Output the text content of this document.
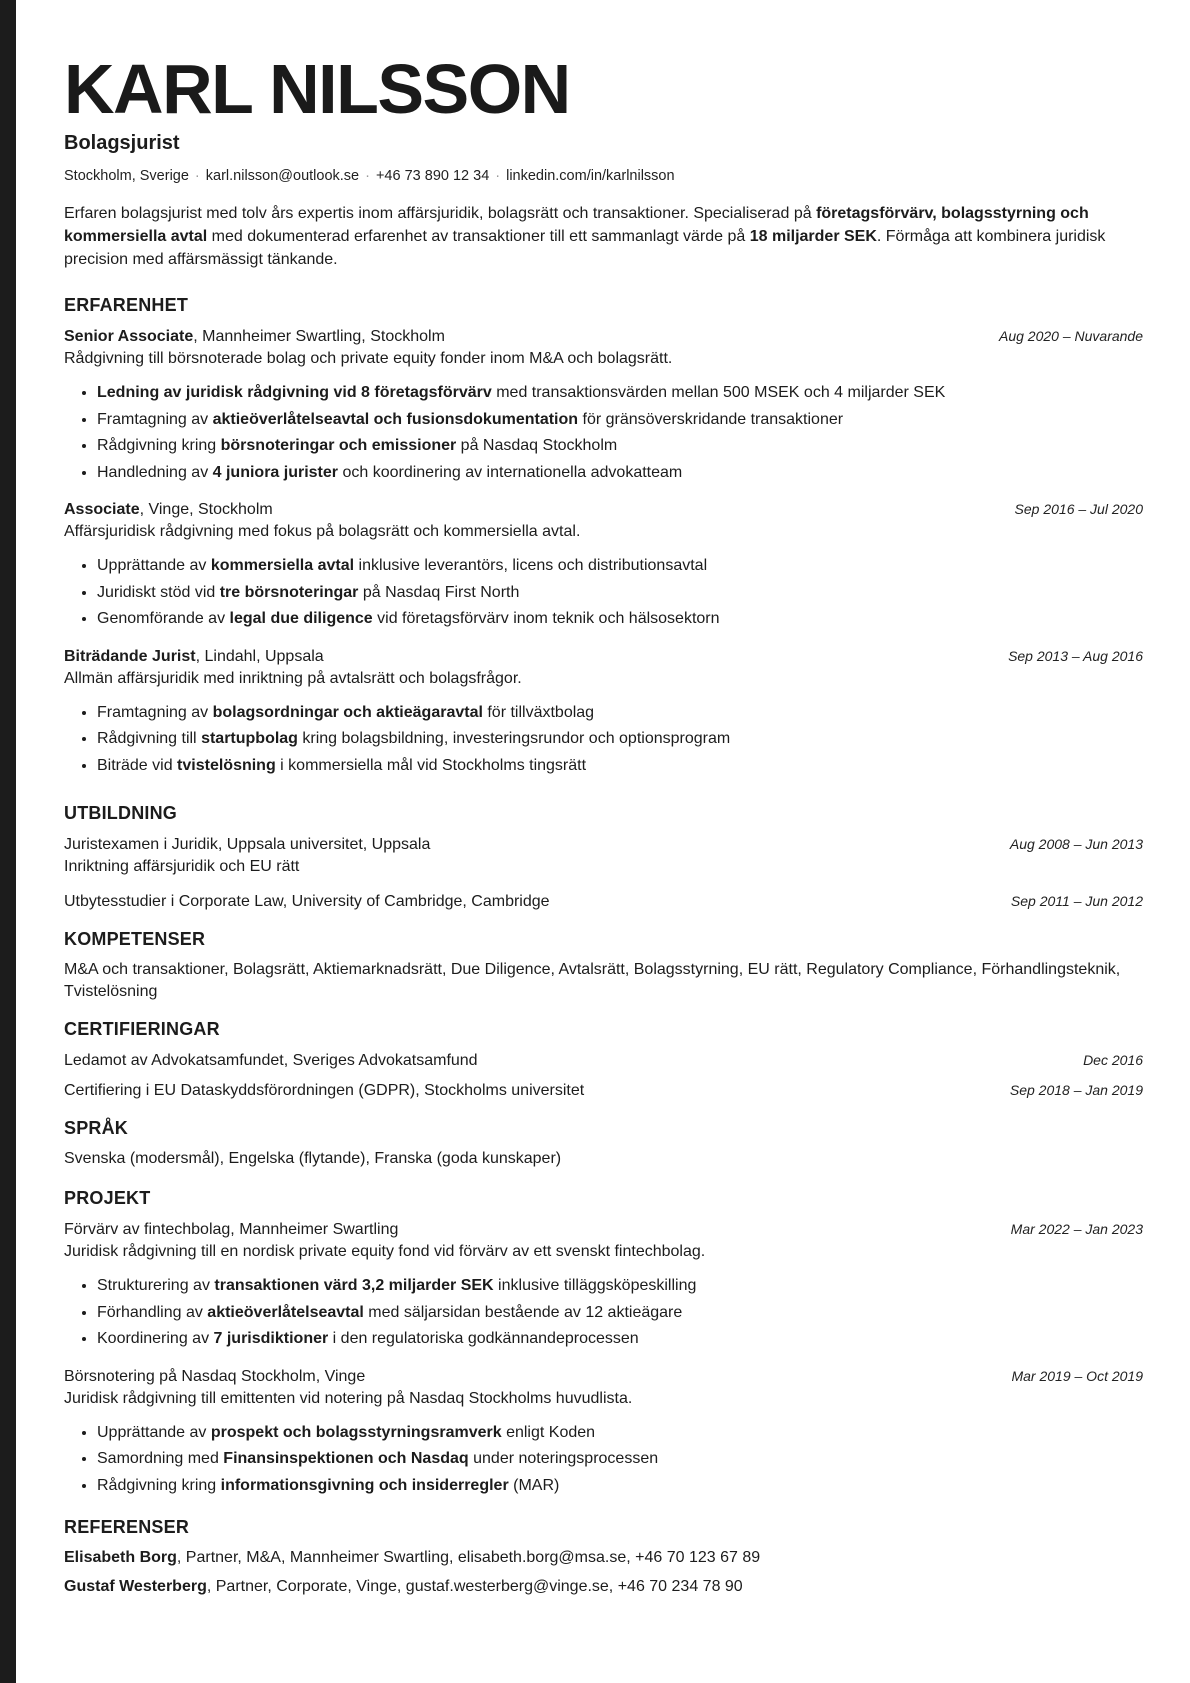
KARL NILSSON
Bolagsjurist
Stockholm, Sverige · karl.nilsson@outlook.se · +46 73 890 12 34 · linkedin.com/in/karlnilsson
Erfaren bolagsjurist med tolv års expertis inom affärsjuridik, bolagsrätt och transaktioner. Specialiserad på företagsförvärv, bolagsstyrning och kommersiella avtal med dokumenterad erfarenhet av transaktioner till ett sammanlagt värde på 18 miljarder SEK. Förmåga att kombinera juridisk precision med affärsmässigt tänkande.
ERFARENHET
Senior Associate, Mannheimer Swartling, Stockholm	Aug 2020 – Nuvarande
Rådgivning till börsnoterade bolag och private equity fonder inom M&A och bolagsrätt.
• Ledning av juridisk rådgivning vid 8 företagsförvärv med transaktionsvärden mellan 500 MSEK och 4 miljarder SEK
• Framtagning av aktieöverlåtelseavtal och fusionsdokumentation för gränsöverskridande transaktioner
• Rådgivning kring börsnoteringar och emissioner på Nasdaq Stockholm
• Handledning av 4 juniora jurister och koordinering av internationella advokatteam
Associate, Vinge, Stockholm	Sep 2016 – Jul 2020
Affärsjuridisk rådgivning med fokus på bolagsrätt och kommersiella avtal.
• Upprättande av kommersiella avtal inklusive leverantörs, licens och distributionsavtal
• Juridiskt stöd vid tre börsnoteringar på Nasdaq First North
• Genomförande av legal due diligence vid företagsförvärv inom teknik och hälsosektorn
Biträdande Jurist, Lindahl, Uppsala	Sep 2013 – Aug 2016
Allmän affärsjuridik med inriktning på avtalsrätt och bolagsfrågor.
• Framtagning av bolagsordningar och aktieägaravtal för tillväxtbolag
• Rådgivning till startupbolag kring bolagsbildning, investeringsrundor och optionsprogram
• Biträde vid tvistelösning i kommersiella mål vid Stockholms tingsrätt
UTBILDNING
Juristexamen i Juridik, Uppsala universitet, Uppsala	Aug 2008 – Jun 2013
Inriktning affärsjuridik och EU rätt
Utbytesstudier i Corporate Law, University of Cambridge, Cambridge	Sep 2011 – Jun 2012
KOMPETENSER
M&A och transaktioner, Bolagsrätt, Aktiemarknadsrätt, Due Diligence, Avtalsrätt, Bolagsstyrning, EU rätt, Regulatory Compliance, Förhandlingsteknik, Tvistelösning
CERTIFIERINGAR
Ledamot av Advokatsamfundet, Sveriges Advokatsamfund	Dec 2016
Certifiering i EU Dataskyddsförordningen (GDPR), Stockholms universitet	Sep 2018 – Jan 2019
SPRÅK
Svenska (modersmål), Engelska (flytande), Franska (goda kunskaper)
PROJEKT
Förvärv av fintechbolag, Mannheimer Swartling	Mar 2022 – Jan 2023
Juridisk rådgivning till en nordisk private equity fond vid förvärv av ett svenskt fintechbolag.
• Strukturering av transaktionen värd 3,2 miljarder SEK inklusive tilläggsköpeskilling
• Förhandling av aktieöverlåtelseavtal med säljarsidan bestående av 12 aktieägare
• Koordinering av 7 jurisdiktioner i den regulatoriska godkännandeprocessen
Börsnotering på Nasdaq Stockholm, Vinge	Mar 2019 – Oct 2019
Juridisk rådgivning till emittenten vid notering på Nasdaq Stockholms huvudlista.
• Upprättande av prospekt och bolagsstyrningsramverk enligt Koden
• Samordning med Finansinspektionen och Nasdaq under noteringsprocessen
• Rådgivning kring informationsgivning och insiderregler (MAR)
REFERENSER
Elisabeth Borg, Partner, M&A, Mannheimer Swartling, elisabeth.borg@msa.se, +46 70 123 67 89
Gustaf Westerberg, Partner, Corporate, Vinge, gustaf.westerberg@vinge.se, +46 70 234 78 90
